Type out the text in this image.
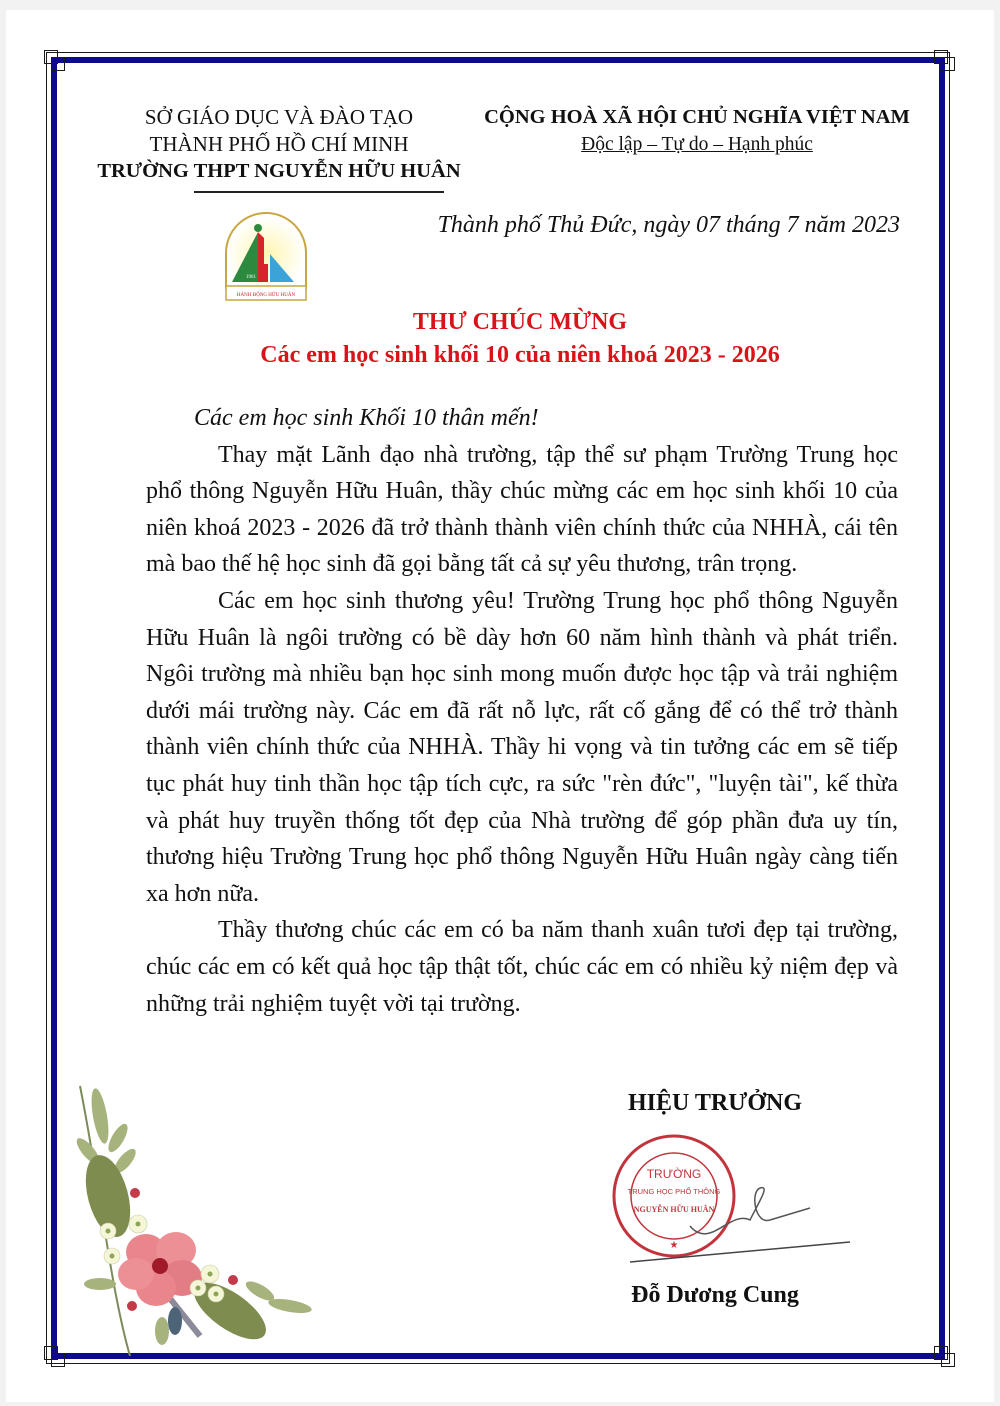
SỞ GIÁO DỤC VÀ ĐÀO TẠO
THÀNH PHỐ HỒ CHÍ MINH
TRƯỜNG THPT NGUYỄN HỮU HUÂN
CỘNG HOÀ XÃ HỘI CHỦ NGHĨA VIỆT NAM
Độc lập – Tự do – Hạnh phúc
HÀNH ĐỘNG HỮU HUÂN
1961
Thành phố Thủ Đức, ngày 07 tháng 7 năm 2023
THƯ CHÚC MỪNG
Các em học sinh khối 10 của niên khoá 2023 - 2026
Các em học sinh Khối 10 thân mến!

Thay mặt Lãnh đạo nhà trường, tập thể sư phạm Trường Trung học phổ thông Nguyễn Hữu Huân, thầy chúc mừng các em học sinh khối 10 của niên khoá 2023 - 2026 đã trở thành thành viên chính thức của NHHÀ, cái tên mà bao thế hệ học sinh đã gọi bằng tất cả sự yêu thương, trân trọng.

Các em học sinh thương yêu! Trường Trung học phổ thông Nguyễn Hữu Huân là ngôi trường có bề dày hơn 60 năm hình thành và phát triển. Ngôi trường mà nhiều bạn học sinh mong muốn được học tập và trải nghiệm dưới mái trường này. Các em đã rất nỗ lực, rất cố gắng để có thể trở thành thành viên chính thức của NHHÀ. Thầy hi vọng và tin tưởng các em sẽ tiếp tục phát huy tinh thần học tập tích cực, ra sức "rèn đức", "luyện tài", kế thừa và phát huy truyền thống tốt đẹp của Nhà trường để góp phần đưa uy tín, thương hiệu Trường Trung học phổ thông Nguyễn Hữu Huân ngày càng tiến xa hơn nữa.

Thầy thương chúc các em có ba năm thanh xuân tươi đẹp tại trường, chúc các em có kết quả học tập thật tốt, chúc các em có nhiều kỷ niệm đẹp và những trải nghiệm tuyệt vời tại trường.

HIỆU TRƯỞNG
TRƯỜNG
TRUNG HỌC PHỔ THÔNG
NGUYỄN HỮU HUÂN
★
Đỗ Dương Cung
